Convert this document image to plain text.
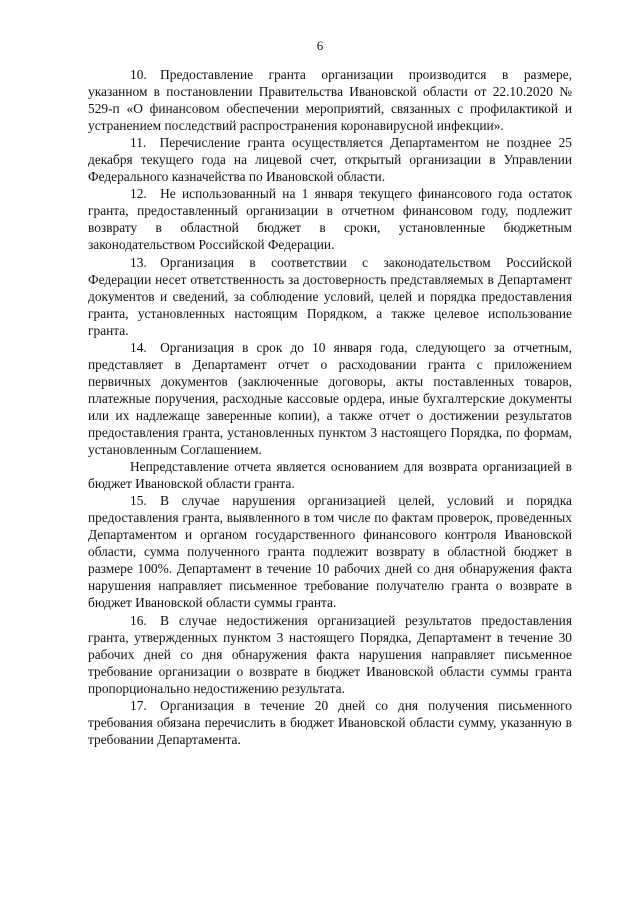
6

10. Предоставление гранта организации производится в размере, указанном в постановлении Правительства Ивановской области от 22.10.2020 № 529-п «О финансовом обеспечении мероприятий, связанных с профилактикой и устранением последствий распространения коронавирусной инфекции».

11. Перечисление гранта осуществляется Департаментом не позднее 25 декабря текущего года на лицевой счет, открытый организации в Управлении Федерального казначейства по Ивановской области.

12. Не использованный на 1 января текущего финансового года остаток гранта, предоставленный организации в отчетном финансовом году, подлежит возврату в областной бюджет в сроки, установленные бюджетным законодательством Российской Федерации.

13. Организация в соответствии с законодательством Российской Федерации несет ответственность за достоверность представляемых в Департамент документов и сведений, за соблюдение условий, целей и порядка предоставления гранта, установленных настоящим Порядком, а также целевое использование гранта.

14. Организация в срок до 10 января года, следующего за отчетным, представляет в Департамент отчет о расходовании гранта с приложением первичных документов (заключенные договоры, акты поставленных товаров, платежные поручения, расходные кассовые ордера, иные бухгалтерские документы или их надлежаще заверенные копии), а также отчет о достижении результатов предоставления гранта, установленных пунктом 3 настоящего Порядка, по формам, установленным Соглашением.

Непредставление отчета является основанием для возврата организацией в бюджет Ивановской области гранта.

15. В случае нарушения организацией целей, условий и порядка предоставления гранта, выявленного в том числе по фактам проверок, проведенных Департаментом и органом государственного финансового контроля Ивановской области, сумма полученного гранта подлежит возврату в областной бюджет в размере 100%. Департамент в течение 10 рабочих дней со дня обнаружения факта нарушения направляет письменное требование получателю гранта о возврате в бюджет Ивановской области суммы гранта.

16. В случае недостижения организацией результатов предоставления гранта, утвержденных пунктом 3 настоящего Порядка, Департамент в течение 30 рабочих дней со дня обнаружения факта нарушения направляет письменное требование организации о возврате в бюджет Ивановской области суммы гранта пропорционально недостижению результата.

17. Организация в течение 20 дней со дня получения письменного требования обязана перечислить в бюджет Ивановской области сумму, указанную в требовании Департамента.
